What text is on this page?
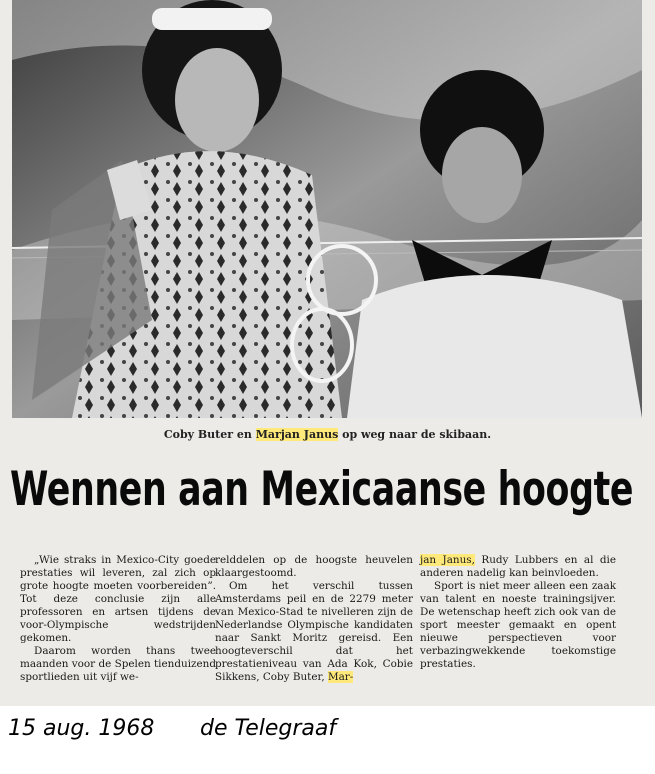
Coby Buter en Marjan Janus op weg naar de skibaan.
Wennen aan Mexicaanse hoogte

„Wie straks in Mexico-City goede prestaties wil leveren, zal zich op grote hoogte moeten voorbereiden”. Tot deze conclusie zijn alle professoren en artsen tijdens de voor-Olympische wedstrijden gekomen.

Daarom worden thans twee maanden voor de Spelen tienduizend sportlieden uit vijf we-

relddelen op de hoogste heuvelen klaargestoomd.

Om het verschil tussen Amsterdams peil en de 2279 meter van Mexico-Stad te nivelleren zijn de Nederlandse Olympische kandidaten naar Sankt Moritz gereisd. Een hoogteverschil dat het prestatieniveau van Ada Kok, Cobie Sikkens, Coby Buter, Mar-

jan Janus, Rudy Lubbers en al die anderen nadelig kan beinvloeden.

Sport is niet meer alleen een zaak van talent en noeste trainingsijver. De wetenschap heeft zich ook van de sport meester gemaakt en opent nieuwe perspectieven voor verbazingwekkende toekomstige prestaties.

15 aug. 1968 de Telegraaf
